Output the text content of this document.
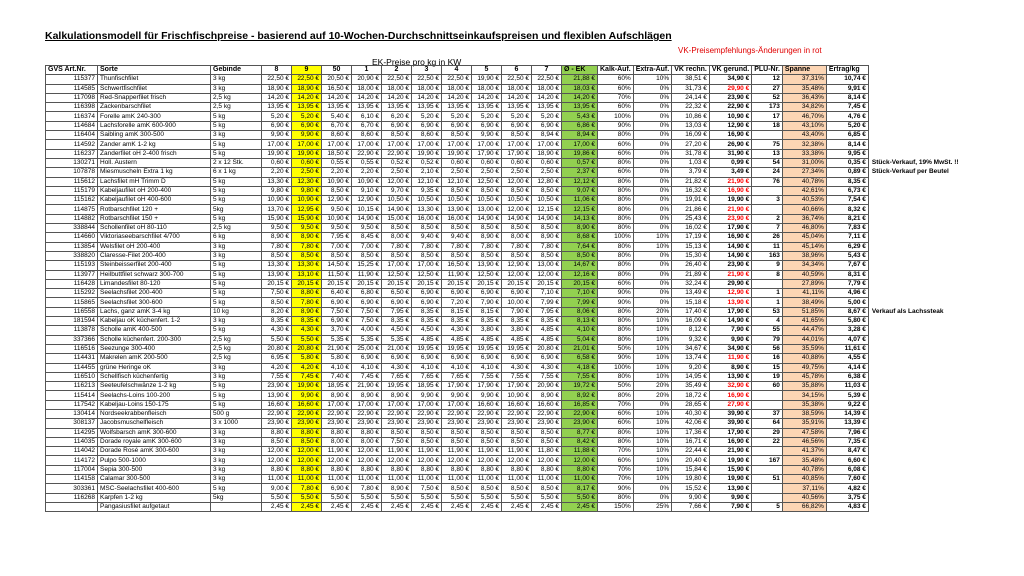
Kalkulationsmodell für Frischfischpreise - basierend auf 10-Wochen-Durchschnittseinkaufspreisen und flexiblen Aufschlägen
VK-Preisempfehlungs-Änderungen in rot
EK-Preise pro kg in KW
GVS Art.Nr.	Sorte	Gebinde	8	9	50	1	2	3	4	5	6	7	Ø - EK	Kalk-Auf.	Extra-Auf.	VK rechn.	VK gerund.	PLU-Nr.	Spanne	Ertrag/kg	
115377	Thunfischfilet	3 kg	22,50 €	22,50 €	20,50 €	20,90 €	22,50 €	22,50 €	22,50 €	19,90 €	22,50 €	22,50 €	21,88 €	60%	10%	38,51 €	34,90 €	12	37,31%	10,74 €	
114585	Schwertfischfilet	3 kg	18,90 €	18,90 €	16,50 €	18,00 €	18,00 €	18,00 €	18,00 €	18,00 €	18,00 €	18,00 €	18,03 €	60%	0%	31,73 €	29,90 €	27	35,48%	9,91 €	
117098	Red-Snapperfilet frisch	2,5 kg	14,20 €	14,20 €	14,20 €	14,20 €	14,20 €	14,20 €	14,20 €	14,20 €	14,20 €	14,20 €	14,20 €	70%	0%	24,14 €	23,90 €	52	36,43%	8,14 €	
116398	Zackenbarschfilet	2,5 kg	13,95 €	13,95 €	13,95 €	13,95 €	13,95 €	13,95 €	13,95 €	13,95 €	13,95 €	13,95 €	13,95 €	60%	0%	22,32 €	22,90 €	173	34,82%	7,45 €	
116374	Forelle amK 240-300	5 kg	5,20 €	5,20 €	5,40 €	6,10 €	6,20 €	5,20 €	5,20 €	5,20 €	5,20 €	5,20 €	5,43 €	100%	0%	10,86 €	10,90 €	17	46,70%	4,76 €	
114684	Lachsforelle amK 600-900	5 kg	6,90 €	6,90 €	6,70 €	6,70 €	6,90 €	6,90 €	6,90 €	6,90 €	6,90 €	6,90 €	6,86 €	90%	0%	13,03 €	12,90 €	18	43,10%	5,20 €	
116404	Saibling amK 300-500	3 kg	9,90 €	9,90 €	8,60 €	8,60 €	8,50 €	8,60 €	8,50 €	9,90 €	8,50 €	8,94 €	8,94 €	80%	0%	16,09 €	16,90 €		43,40%	6,85 €	
114592	Zander amK 1-2 kg	5 kg	17,00 €	17,00 €	17,00 €	17,00 €	17,00 €	17,00 €	17,00 €	17,00 €	17,00 €	17,00 €	17,00 €	60%	0%	27,20 €	26,90 €	75	32,38%	8,14 €	
116237	Zanderfilet oH 2-400 frisch	5 kg	19,90 €	19,90 €	18,50 €	22,90 €	22,90 €	19,90 €	19,90 €	17,90 €	17,90 €	18,90 €	19,86 €	60%	0%	31,78 €	31,90 €	13	33,38%	9,95 €	
130271	Holl. Austern	2 x 12 Stk.	0,60 €	0,60 €	0,55 €	0,55 €	0,52 €	0,52 €	0,60 €	0,60 €	0,60 €	0,60 €	0,57 €	80%	0%	1,03 €	0,99 €	54	31,00%	0,35 €	Stück-Verkauf, 19% MwSt. !!
107878	Miesmuscheln Extra 1 kg	6 x 1 kg	2,20 €	2,50 €	2,20 €	2,20 €	2,50 €	2,10 €	2,50 €	2,50 €	2,50 €	2,50 €	2,37 €	60%	0%	3,79 €	3,49 €	24	27,34%	0,89 €	Stück-Verkauf per Beutel
115612	Lachsfilet mH Trimm D	5 kg	13,30 €	12,30 €	10,90 €	10,90 €	12,00 €	12,10 €	12,10 €	12,50 €	12,00 €	12,80 €	12,12 €	80%	0%	21,82 €	21,90 €	76	40,78%	8,35 €	
115179	Kabeljaufilet oH 200-400	5 kg	9,80 €	9,80 €	8,50 €	9,10 €	9,70 €	9,35 €	8,50 €	8,50 €	8,50 €	8,50 €	9,07 €	80%	0%	16,32 €	16,90 €		42,61%	6,73 €	
115162	Kabeljaufilet oH 400-600	5 kg	10,90 €	10,90 €	12,90 €	12,90 €	10,50 €	10,50 €	10,50 €	10,50 €	10,50 €	10,50 €	11,06 €	80%	0%	19,91 €	19,90 €	3	40,53%	7,54 €	
114875	Rotbarschfilet 120 +	5kg	13,70 €	12,95 €	9,50 €	10,15 €	14,90 €	13,30 €	13,90 €	13,00 €	12,00 €	12,15 €	12,15 €	80%	0%	21,86 €	21,90 €		40,66%	8,32 €	
114882	Rotbarschfilet 150 +	5 kg	15,90 €	15,90 €	10,90 €	14,90 €	15,00 €	16,00 €	16,00 €	14,90 €	14,90 €	14,90 €	14,13 €	80%	0%	25,43 €	23,90 €	2	36,74%	8,21 €	
338844	Schollenfilet oH 80-110	2,5 kg	9,50 €	9,50 €	9,50 €	9,50 €	8,50 €	8,50 €	8,50 €	8,50 €	8,50 €	8,50 €	8,90 €	80%	0%	16,02 €	17,90 €	7	46,80%	7,83 €	
114660	Viktoriaseebarschfilet 4/700	6 kg	8,90 €	8,90 €	7,95 €	8,45 €	8,00 €	9,40 €	9,40 €	8,90 €	8,00 €	8,90 €	8,68 €	100%	10%	17,19 €	16,90 €	26	45,04%	7,11 €	
113854	Welsfilet oH 200-400	3 kg	7,80 €	7,80 €	7,00 €	7,00 €	7,80 €	7,80 €	7,80 €	7,80 €	7,80 €	7,80 €	7,64 €	80%	10%	15,13 €	14,90 €	11	45,14%	6,29 €	
338820	Claresse-Filet 200-400	3 kg	8,50 €	8,50 €	8,50 €	8,50 €	8,50 €	8,50 €	8,50 €	8,50 €	8,50 €	8,50 €	8,50 €	80%	0%	15,30 €	14,90 €	163	38,96%	5,43 €	
115193	Steinbeisserfilet 200-400	5 kg	13,30 €	13,30 €	14,50 €	15,25 €	17,00 €	17,00 €	16,50 €	13,90 €	12,90 €	13,00 €	14,67 €	80%	0%	26,40 €	23,90 €	9	34,34%	7,67 €	
113977	Heilbuttfilet schwarz 300-700	5 kg	13,90 €	13,10 €	11,50 €	11,90 €	12,50 €	12,50 €	11,90 €	12,50 €	12,00 €	12,00 €	12,16 €	80%	0%	21,89 €	21,90 €	8	40,59%	8,31 €	
116428	Limandesfilet 80-120	5 kg	20,15 €	20,15 €	20,15 €	20,15 €	20,15 €	20,15 €	20,15 €	20,15 €	20,15 €	20,15 €	20,15 €	60%	0%	32,24 €	29,90 €		27,89%	7,79 €	
115292	Seelachsfilet 200-400	5 kg	7,50 €	8,80 €	6,40 €	6,80 €	6,50 €	6,90 €	6,90 €	6,90 €	6,90 €	7,10 €	7,10 €	90%	0%	13,49 €	12,90 €	1	41,11%	4,96 €	
115865	Seelachsfilet 300-600	5 kg	8,50 €	7,80 €	6,90 €	6,90 €	6,90 €	6,90 €	7,20 €	7,90 €	10,00 €	7,99 €	7,99 €	90%	0%	15,18 €	13,90 €	1	38,49%	5,00 €	
116558	Lachs, ganz amK 3-4 kg	10 kg	8,20 €	8,90 €	7,50 €	7,50 €	7,95 €	8,35 €	8,15 €	8,15 €	7,90 €	7,95 €	8,06 €	80%	20%	17,40 €	17,90 €	53	51,85%	8,67 €	Verkauf als Lachssteak
181594	Kabeljau oK küchenfert. 1-2	3 kg	8,35 €	8,35 €	6,90 €	7,50 €	8,35 €	8,35 €	8,35 €	8,35 €	8,35 €	8,35 €	8,13 €	80%	10%	16,09 €	14,90 €	4	41,65%	5,80 €	
113878	Scholle amK 400-500	5 kg	4,30 €	4,30 €	3,70 €	4,00 €	4,50 €	4,50 €	4,30 €	3,80 €	3,80 €	4,85 €	4,10 €	80%	10%	8,12 €	7,90 €	55	44,47%	3,28 €	
337366	Scholle küchenfert. 200-300	2,5 kg	5,50 €	5,50 €	5,35 €	5,35 €	5,35 €	4,85 €	4,85 €	4,85 €	4,85 €	4,85 €	5,04 €	80%	10%	9,32 €	9,90 €	79	44,01%	4,07 €	
116516	Seezunge 300-400	2,5 kg	20,80 €	20,80 €	21,90 €	25,00 €	21,00 €	19,95 €	19,95 €	19,95 €	19,95 €	20,80 €	21,01 €	50%	10%	34,67 €	34,90 €	56	35,59%	11,61 €	
114431	Makrelen amK 200-500	2,5 kg	6,95 €	5,80 €	5,80 €	6,90 €	6,90 €	6,90 €	6,90 €	6,90 €	6,90 €	6,90 €	6,58 €	90%	10%	13,74 €	11,90 €	16	40,88%	4,55 €	
114455	grüne Heringe oK	3 kg	4,20 €	4,20 €	4,10 €	4,10 €	4,30 €	4,10 €	4,10 €	4,10 €	4,30 €	4,30 €	4,18 €	100%	10%	9,20 €	8,90 €	15	49,75%	4,14 €	
116510	Schellfisch küchenfertig	3 kg	7,55 €	7,45 €	7,40 €	7,45 €	7,65 €	7,65 €	7,65 €	7,55 €	7,55 €	7,55 €	7,55 €	80%	10%	14,95 €	13,90 €	19	45,78%	6,38 €	
116213	Seeteufelschwänze 1-2 kg	5 kg	23,90 €	19,90 €	18,95 €	21,90 €	19,95 €	18,95 €	17,90 €	17,90 €	17,90 €	20,90 €	19,72 €	50%	20%	35,49 €	32,90 €	60	35,88%	11,03 €	
115414	Seelachs-Loins 100-200	5 kg	13,90 €	9,90 €	8,90 €	8,90 €	8,90 €	9,90 €	9,90 €	9,90 €	10,90 €	8,90 €	8,92 €	80%	20%	18,72 €	16,90 €		34,15%	5,39 €	
117542	Kabeljau-Loins 150-175	5 kg	16,60 €	16,60 €	17,00 €	17,00 €	17,00 €	17,00 €	17,00 €	16,60 €	16,60 €	16,60 €	16,85 €	70%	0%	28,65 €	27,90 €		35,38%	9,22 €	
130414	Nordseekrabbenfleisch	500 g	22,90 €	22,90 €	22,90 €	22,90 €	22,90 €	22,90 €	22,90 €	22,90 €	22,90 €	22,90 €	22,90 €	60%	10%	40,30 €	39,90 €	37	38,59%	14,39 €	
308137	Jacobsmuschelfleisch	3 x 1000	23,90 €	23,90 €	23,90 €	23,90 €	23,90 €	23,90 €	23,90 €	23,90 €	23,90 €	23,90 €	23,90 €	60%	10%	42,06 €	39,90 €	64	35,91%	13,39 €	
114295	Wolfsbarsch amK 300-600	3 kg	8,80 €	8,80 €	8,80 €	8,80 €	8,50 €	8,50 €	8,50 €	8,50 €	8,50 €	8,50 €	8,77 €	80%	10%	17,36 €	17,90 €	29	47,58%	7,96 €	
114035	Dorade royale amK 300-600	3 kg	8,50 €	8,50 €	8,00 €	8,00 €	7,50 €	8,50 €	8,50 €	8,50 €	8,50 €	8,50 €	8,42 €	80%	10%	16,71 €	16,90 €	22	46,56%	7,35 €	
114042	Dorade Rosé amK 300-600	3 kg	12,00 €	12,00 €	11,90 €	12,00 €	11,90 €	11,90 €	11,90 €	11,90 €	11,90 €	11,80 €	11,88 €	70%	10%	22,44 €	21,90 €		41,37%	8,47 €	
114172	Pulpo 500-1000	3 kg	12,00 €	12,00 €	12,00 €	12,00 €	12,00 €	12,00 €	12,00 €	12,00 €	12,00 €	12,00 €	12,00 €	60%	10%	20,40 €	19,90 €	167	35,48%	6,60 €	
117004	Sepia 300-500	3 kg	8,80 €	8,80 €	8,80 €	8,80 €	8,80 €	8,80 €	8,80 €	8,80 €	8,80 €	8,80 €	8,80 €	70%	10%	15,84 €	15,90 €		40,78%	6,08 €	
114158	Calamar 300-500	3 kg	11,00 €	11,00 €	11,00 €	11,00 €	11,00 €	11,00 €	11,00 €	11,00 €	11,00 €	11,00 €	11,00 €	70%	10%	19,80 €	19,90 €	51	40,85%	7,60 €	
303361	MSC-Seelachsfilet 400-600	5 kg	9,00 €	7,80 €	6,90 €	7,80 €	8,90 €	7,50 €	8,50 €	8,50 €	8,50 €	8,50 €	8,17 €	90%	0%	15,52 €	13,90 €		37,11%	4,82 €	
116268	Karpfen 1-2 kg	5kg	5,50 €	5,50 €	5,50 €	5,50 €	5,50 €	5,50 €	5,50 €	5,50 €	5,50 €	5,50 €	5,50 €	80%	0%	9,90 €	9,90 €		40,56%	3,75 €	
	Pangasiusfilet aufgetaut		2,45 €	2,45 €	2,45 €	2,45 €	2,45 €	2,45 €	2,45 €	2,45 €	2,45 €	2,45 €	2,45 €	150%	25%	7,66 €	7,90 €	5	66,82%	4,83 €	
